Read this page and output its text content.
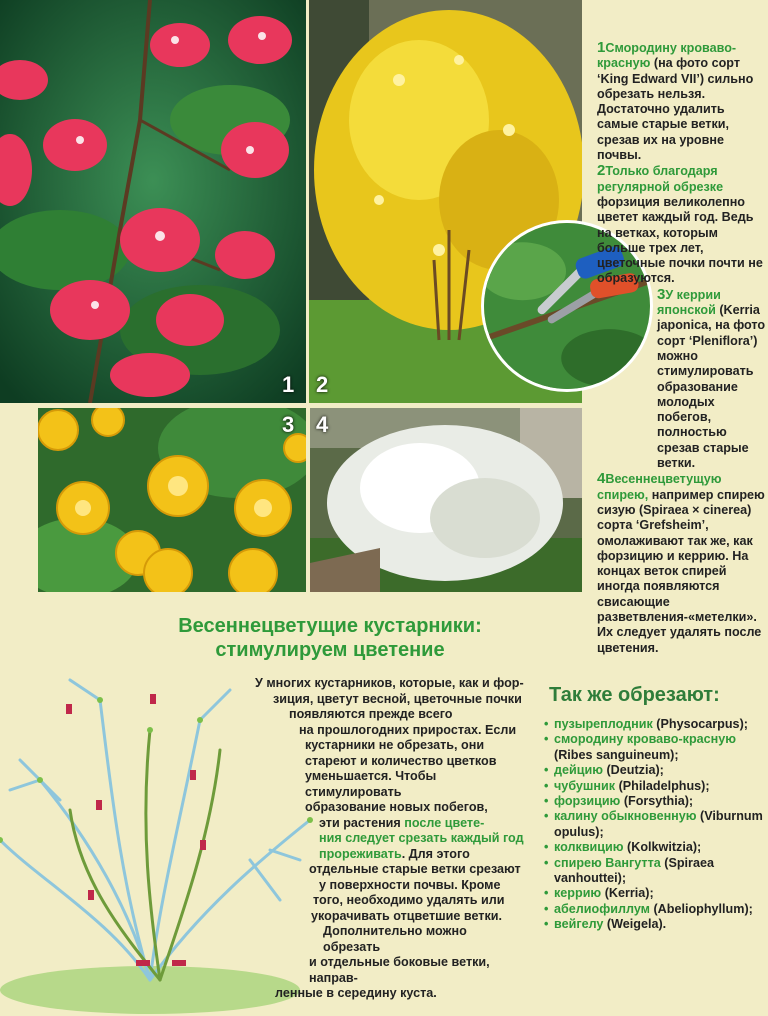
1 2
3 4
1Смородину кроваво-красную (на фото сорт ‘King Edward VII’) сильно обрезать нельзя. Достаточно удалить самые старые ветки, срезав их на уровне почвы.
2Только благодаря регулярной обрезке форзиция великолепно цветет каждый год. Ведь на ветках, которым больше трех лет, цветочные почки почти не образуются.

3У керрии японской (Kerria japonica, на фото сорт ‘Pleniflora’) можно стимулировать образование молодых побегов, полностью срезав старые ветки.
4Весеннецветущую спирею, например спирею сизую (Spiraea × cinerea) сорта ‘Grefsheim’, омолаживают так же, как форзицию и керрию. На концах веток спирей иногда появляются свисающие разветвления-«метелки». Их следует удалять после цветения.
Весеннецветущие кустарники:
стимулируем цветение
У многих кустарников, которые, как и фор-
зиция, цветут весной, цветочные почки
появляются прежде всего
на прошлогодних приростах. Если
кустарники не обрезать, они
стареют и количество цветков
уменьшается. Чтобы стимулировать
образование новых побегов,
эти растения после цвете-
ния следует срезать каждый год
прореживать. Для этого
отдельные старые ветки срезают
у поверхности почвы. Кроме
того, необходимо удалять или
укорачивать отцветшие ветки.
Дополнительно можно обрезать
и отдельные боковые ветки, направ-
ленные в середину куста.
Так же обрезают:
• пузыреплодник (Physocarpus);
• смородину кроваво-красную (Ribes sanguineum);
• дейцию (Deutzia);
• чубушник (Philadelphus);
• форзицию (Forsythia);
• калину обыкновенную (Viburnum opulus);
• колквицию (Kolkwitzia);
• спирею Вангутта (Spiraea vanhouttei);
• керрию (Kerria);
• абелиофиллум (Abeliophyllum);
• вейгелу (Weigela).
